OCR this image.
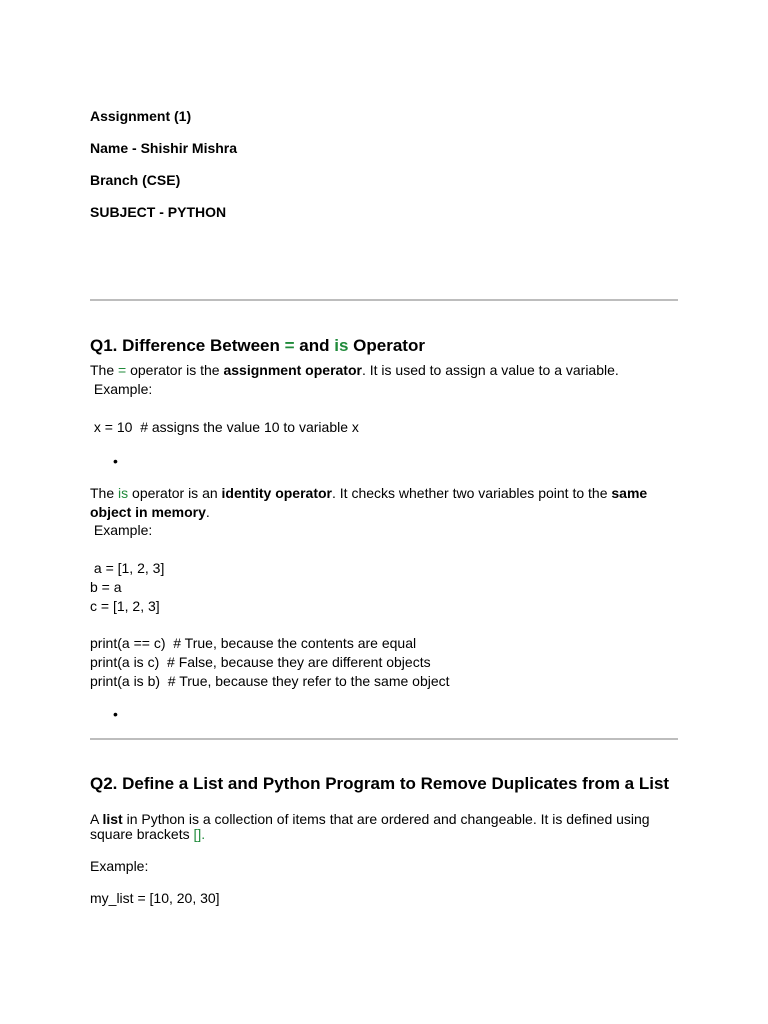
Assignment (1)
Name - Shishir Mishra
Branch (CSE)
SUBJECT - PYTHON
Q1. Difference Between = and is Operator
The = operator is the assignment operator. It is used to assign a value to a variable.
Example:
x = 10  # assigns the value 10 to variable x
•
The is operator is an identity operator. It checks whether two variables point to the same
object in memory.
Example:
a = [1, 2, 3]
b = a
c = [1, 2, 3]
print(a == c)  # True, because the contents are equal
print(a is c)  # False, because they are different objects
print(a is b)  # True, because they refer to the same object
•
Q2. Define a List and Python Program to Remove Duplicates from a List
A list in Python is a collection of items that are ordered and changeable. It is defined using
square brackets [].
Example:
my_list = [10, 20, 30]
